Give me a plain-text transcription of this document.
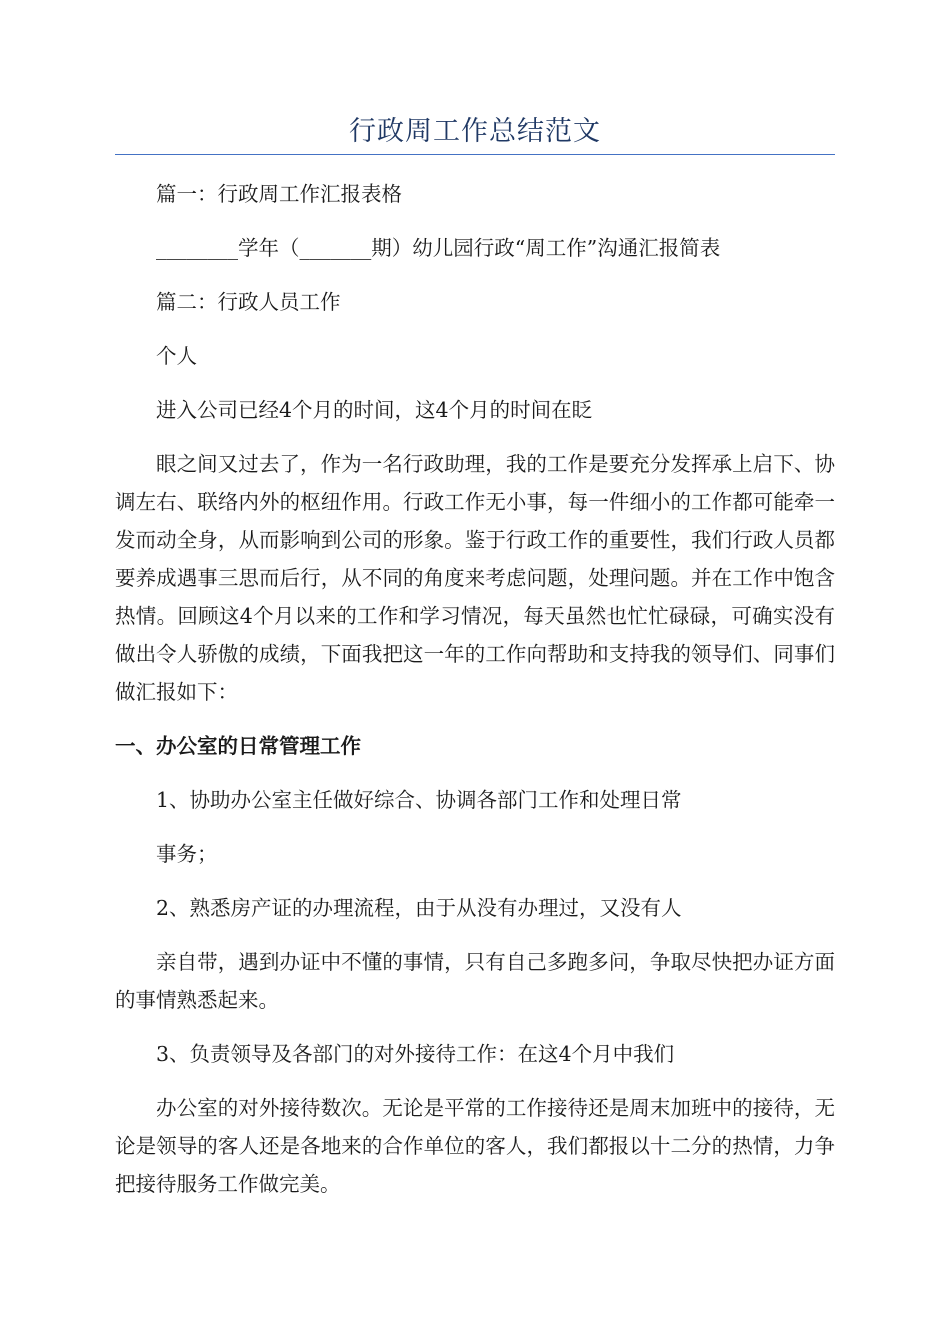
行政周工作总结范文

篇一：行政周工作汇报表格

________学年（_______期）幼儿园行政“周工作”沟通汇报简表

篇二：行政人员工作

个人

进入公司已经4个月的时间，这4个月的时间在眨

眼之间又过去了，作为一名行政助理，我的工作是要充分发挥承上启下、协调左右、联络内外的枢纽作用。行政工作无小事，每一件细小的工作都可能牵一发而动全身，从而影响到公司的形象。鉴于行政工作的重要性，我们行政人员都要养成遇事三思而后行，从不同的角度来考虑问题，处理问题。并在工作中饱含热情。回顾这4个月以来的工作和学习情况，每天虽然也忙忙碌碌，可确实没有做出令人骄傲的成绩，下面我把这一年的工作向帮助和支持我的领导们、同事们做汇报如下：

一、办公室的日常管理工作

1、协助办公室主任做好综合、协调各部门工作和处理日常

事务；

2、熟悉房产证的办理流程，由于从没有办理过，又没有人

亲自带，遇到办证中不懂的事情，只有自己多跑多问，争取尽快把办证方面的事情熟悉起来。

3、负责领导及各部门的对外接待工作：在这4个月中我们

办公室的对外接待数次。无论是平常的工作接待还是周末加班中的接待，无论是领导的客人还是各地来的合作单位的客人，我们都报以十二分的热情，力争把接待服务工作做完美。
